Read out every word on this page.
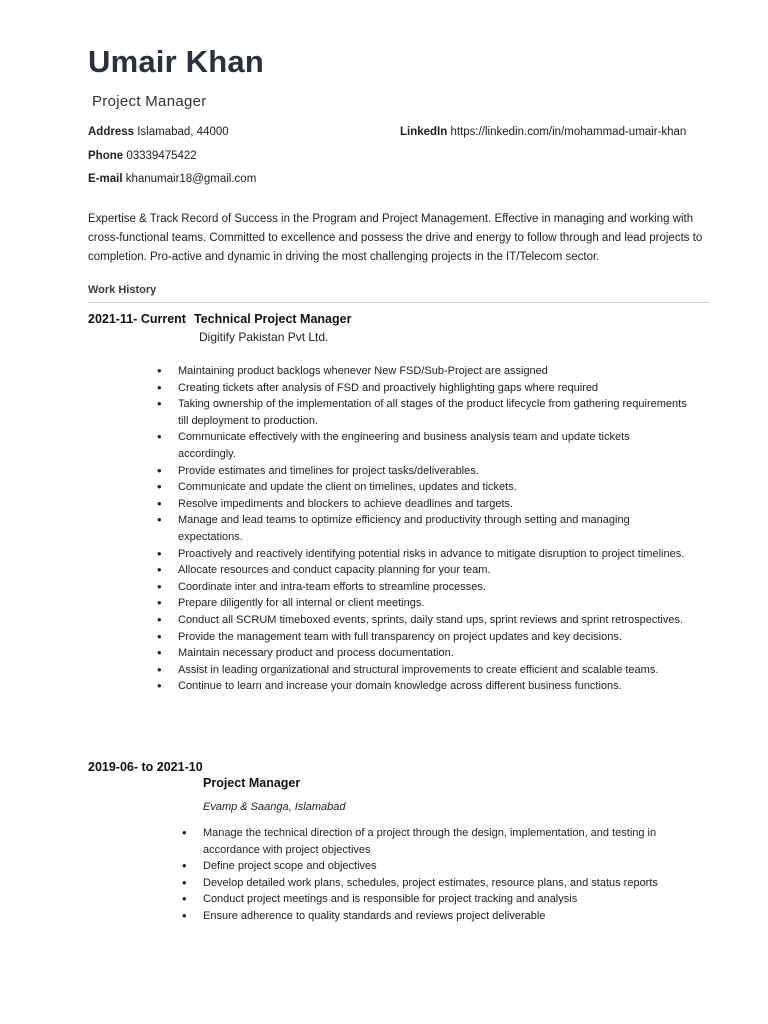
Umair Khan
Project Manager
Address Islamabad, 44000	LinkedIn https://linkedin.com/in/mohammad-umair-khan
Phone 03339475422
E-mail khanumair18@gmail.com

Expertise & Track Record of Success in the Program and Project Management. Effective in managing and working with cross-functional teams. Committed to excellence and possess the drive and energy to follow through and lead projects to completion. Pro-active and dynamic in driving the most challenging projects in the IT/Telecom sector.

Work History
2021-11- Current Technical Project Manager
Digitify Pakistan Pvt Ltd.
• Maintaining product backlogs whenever New FSD/Sub-Project are assigned
• Creating tickets after analysis of FSD and proactively highlighting gaps where required
• Taking ownership of the implementation of all stages of the product lifecycle from gathering requirements till deployment to production.
• Communicate effectively with the engineering and business analysis team and update tickets accordingly.
• Provide estimates and timelines for project tasks/deliverables.
• Communicate and update the client on timelines, updates and tickets.
• Resolve impediments and blockers to achieve deadlines and targets.
• Manage and lead teams to optimize efficiency and productivity through setting and managing expectations.
• Proactively and reactively identifying potential risks in advance to mitigate disruption to project timelines.
• Allocate resources and conduct capacity planning for your team.
• Coordinate inter and intra-team efforts to streamline processes.
• Prepare diligently for all internal or client meetings.
• Conduct all SCRUM timeboxed events, sprints, daily stand ups, sprint reviews and sprint retrospectives.
• Provide the management team with full transparency on project updates and key decisions.
• Maintain necessary product and process documentation.
• Assist in leading organizational and structural improvements to create efficient and scalable teams.
• Continue to learn and increase your domain knowledge across different business functions.
2019-06- to 2021-10
Project Manager
Evamp & Saanga, Islamabad
• Manage the technical direction of a project through the design, implementation, and testing in accordance with project objectives
• Define project scope and objectives
• Develop detailed work plans, schedules, project estimates, resource plans, and status reports
• Conduct project meetings and is responsible for project tracking and analysis
• Ensure adherence to quality standards and reviews project deliverable
